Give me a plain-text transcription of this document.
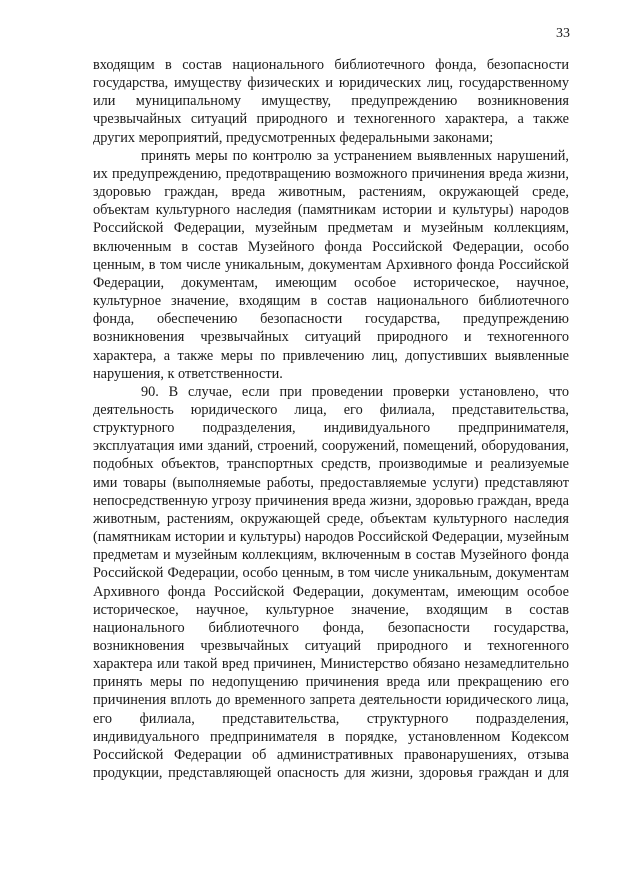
33

входящим в состав национального библиотечного фонда, безопасности государства, имуществу физических и юридических лиц, государственному или муниципальному имуществу, предупреждению возникновения чрезвычайных ситуаций природного и техногенного характера, а также других мероприятий, предусмотренных федеральными законами;

принять меры по контролю за устранением выявленных нарушений, их предупреждению, предотвращению возможного причинения вреда жизни, здоровью граждан, вреда животным, растениям, окружающей среде, объектам культурного наследия (памятникам истории и культуры) народов Российской Федерации, музейным предметам и музейным коллекциям, включенным в состав Музейного фонда Российской Федерации, особо ценным, в том числе уникальным, документам Архивного фонда Российской Федерации, документам, имеющим особое историческое, научное, культурное значение, входящим в состав национального библиотечного фонда, обеспечению безопасности государства, предупреждению возникновения чрезвычайных ситуаций природного и техногенного характера, а также меры по привлечению лиц, допустивших выявленные нарушения, к ответственности.

90. В случае, если при проведении проверки установлено, что деятельность юридического лица, его филиала, представительства, структурного подразделения, индивидуального предпринимателя, эксплуатация ими зданий, строений, сооружений, помещений, оборудования, подобных объектов, транспортных средств, производимые и реализуемые ими товары (выполняемые работы, предоставляемые услуги) представляют непосредственную угрозу причинения вреда жизни, здоровью граждан, вреда животным, растениям, окружающей среде, объектам культурного наследия (памятникам истории и культуры) народов Российской Федерации, музейным предметам и музейным коллекциям, включенным в состав Музейного фонда Российской Федерации, особо ценным, в том числе уникальным, документам Архивного фонда Российской Федерации, документам, имеющим особое историческое, научное, культурное значение, входящим в состав национального библиотечного фонда, безопасности государства, возникновения чрезвычайных ситуаций природного и техногенного характера или такой вред причинен, Министерство обязано незамедлительно принять меры по недопущению причинения вреда или прекращению его причинения вплоть до временного запрета деятельности юридического лица, его филиала, представительства, структурного подразделения, индивидуального предпринимателя в порядке, установленном Кодексом Российской Федерации об административных правонарушениях, отзыва продукции, представляющей опасность для жизни, здоровья граждан и для
